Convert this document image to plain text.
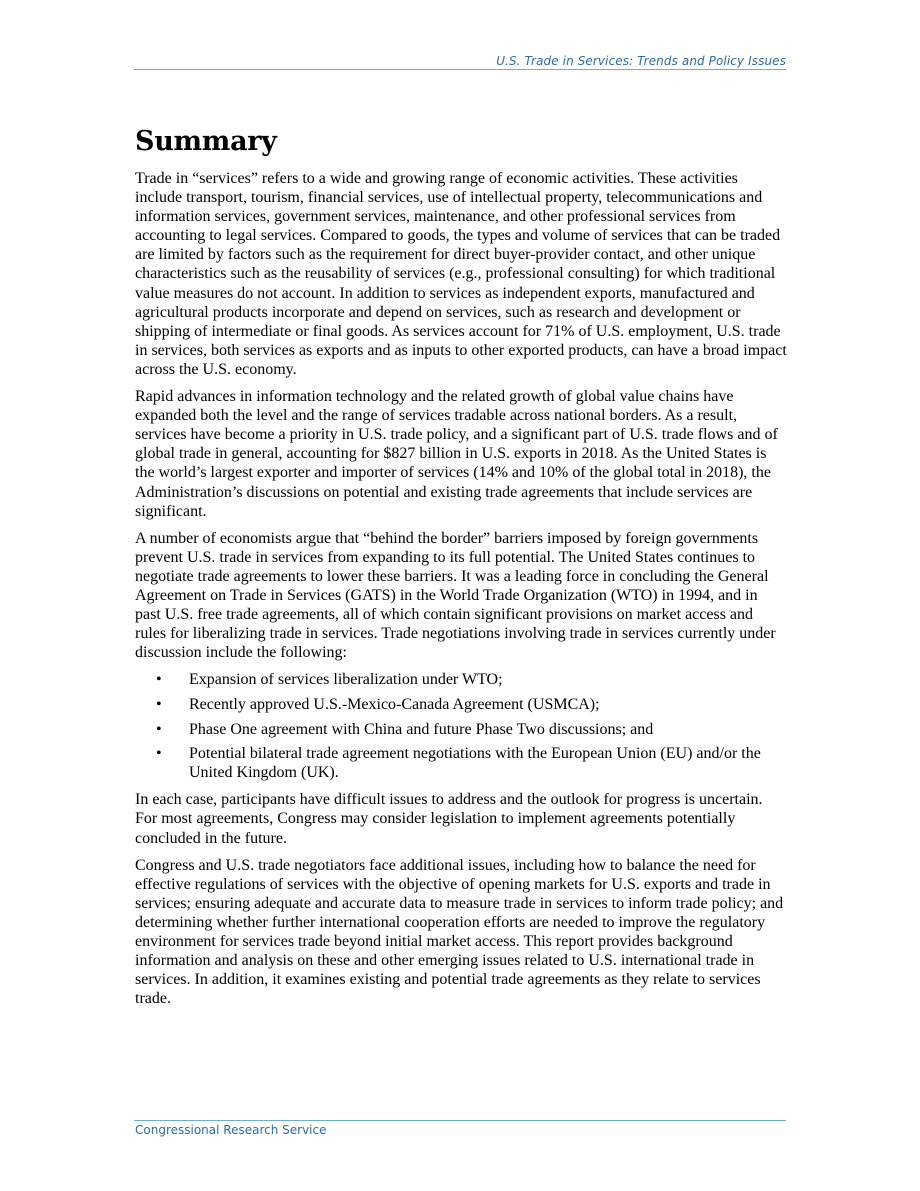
U.S. Trade in Services: Trends and Policy Issues
Summary

Trade in “services” refers to a wide and growing range of economic activities. These activities include transport, tourism, financial services, use of intellectual property, telecommunications and information services, government services, maintenance, and other professional services from accounting to legal services. Compared to goods, the types and volume of services that can be traded are limited by factors such as the requirement for direct buyer-provider contact, and other unique characteristics such as the reusability of services (e.g., professional consulting) for which traditional value measures do not account. In addition to services as independent exports, manufactured and agricultural products incorporate and depend on services, such as research and development or shipping of intermediate or final goods. As services account for 71% of U.S. employment, U.S. trade in services, both services as exports and as inputs to other exported products, can have a broad impact across the U.S. economy.

Rapid advances in information technology and the related growth of global value chains have expanded both the level and the range of services tradable across national borders. As a result, services have become a priority in U.S. trade policy, and a significant part of U.S. trade flows and of global trade in general, accounting for $827 billion in U.S. exports in 2018. As the United States is the world’s largest exporter and importer of services (14% and 10% of the global total in 2018), the Administration’s discussions on potential and existing trade agreements that include services are significant.

A number of economists argue that “behind the border” barriers imposed by foreign governments prevent U.S. trade in services from expanding to its full potential. The United States continues to negotiate trade agreements to lower these barriers. It was a leading force in concluding the General Agreement on Trade in Services (GATS) in the World Trade Organization (WTO) in 1994, and in past U.S. free trade agreements, all of which contain significant provisions on market access and rules for liberalizing trade in services. Trade negotiations involving trade in services currently under discussion include the following:

• Expansion of services liberalization under WTO;
• Recently approved U.S.-Mexico-Canada Agreement (USMCA);
• Phase One agreement with China and future Phase Two discussions; and
• Potential bilateral trade agreement negotiations with the European Union (EU) and/or the United Kingdom (UK).

In each case, participants have difficult issues to address and the outlook for progress is uncertain. For most agreements, Congress may consider legislation to implement agreements potentially concluded in the future.

Congress and U.S. trade negotiators face additional issues, including how to balance the need for effective regulations of services with the objective of opening markets for U.S. exports and trade in services; ensuring adequate and accurate data to measure trade in services to inform trade policy; and determining whether further international cooperation efforts are needed to improve the regulatory environment for services trade beyond initial market access. This report provides background information and analysis on these and other emerging issues related to U.S. international trade in services. In addition, it examines existing and potential trade agreements as they relate to services trade.

Congressional Research Service
